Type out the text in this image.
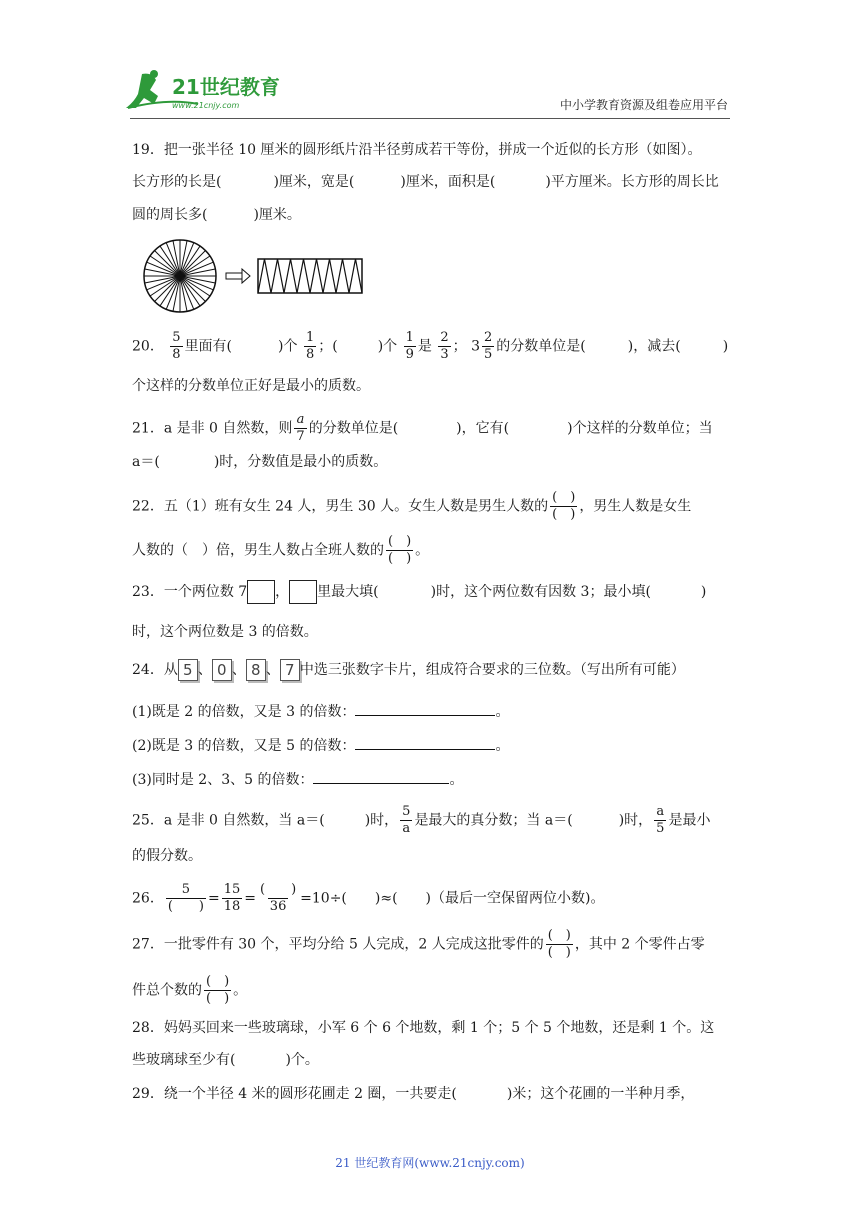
21世纪教育
www.21cnjy.com	中小学教育资源及组卷应用平台
19．把一张半径 10 厘米的圆形纸片沿半径剪成若干等份，拼成一个近似的长方形（如图）。
长方形的长是(	)厘米，宽是(	)厘米，面积是(	)平方厘米。长方形的周长比
圆的周长多(	)厘米。
20． $\frac{5}{8}$ 里面有(	)个 $\frac{1}{8}$ ；(	)个 $\frac{1}{9}$ 是 $\frac{2}{3}$ ； $3 \frac{2}{5}$ 的分数单位是(	)，减去(	)
个这样的分数单位正好是最小的质数。
21．a 是非 0 自然数，则 $\frac{a}{7}$ 的分数单位是(	)，它有(	)个这样的分数单位；当
a＝(	)时，分数值是最小的质数。
22．五（1）班有女生 24 人，男生 30 人。女生人数是男生人数的 $\frac{( )}{( )}$ ，男生人数是女生
人数的（　）倍，男生人数占全班人数的 $\frac{( )}{( )}$ 。
23．一个两位数 7 ， 里最大填(	)时，这个两位数有因数 3；最小填(	)
时，这个两位数是 3 的倍数。
24．从 5 、 0 、 8 、 7 中选三张数字卡片，组成符合要求的三位数。（写出所有可能）
(1)既是 2 的倍数，又是 3 的倍数：	。
(2)既是 3 的倍数，又是 5 的倍数：	。
(3)同时是 2、3、5 的倍数：	。
25．a 是非 0 自然数，当 a＝(	)时， $\frac{5}{a}$ 是最大的真分数；当 a＝(	)时， $\frac{a}{5}$ 是最小
的假分数。
26． $\frac{5}{( )} = \frac{15}{18} = \frac{( )}{36} =10\div$(　　)≈(　　)（最后一空保留两位小数)。
27．一批零件有 30 个，平均分给 5 人完成，2 人完成这批零件的 $\frac{( )}{( )}$ ，其中 2 个零件占零
件总个数的 $\frac{( )}{( )}$ 。
28．妈妈买回来一些玻璃球，小军 6 个 6 个地数，剩 1 个；5 个 5 个地数，还是剩 1 个。这
些玻璃球至少有(	)个。
29．绕一个半径 4 米的圆形花圃走 2 圈，一共要走(	)米；这个花圃的一半种月季，
21 世纪教育网(www.21cnjy.com)
